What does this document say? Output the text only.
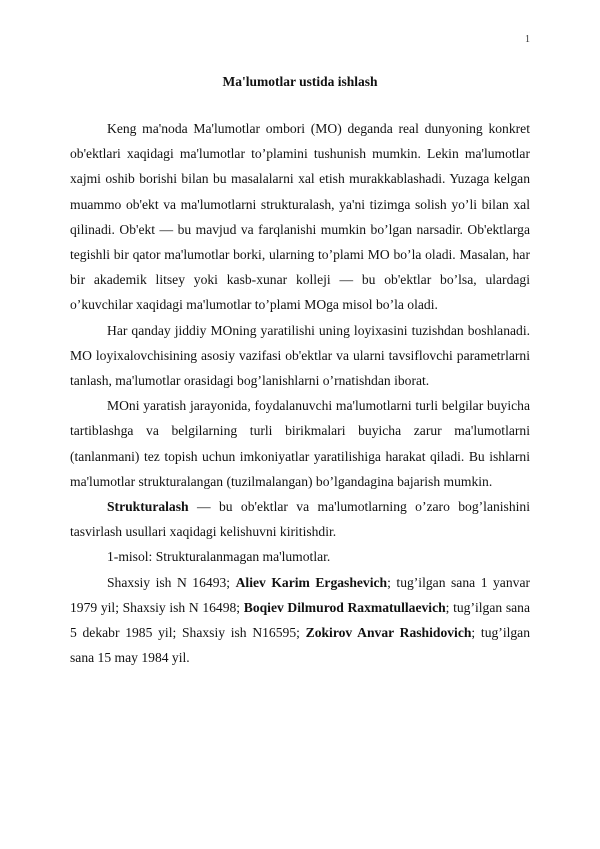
1
Ma'lumotlar ustida ishlash

Keng ma'noda Ma'lumotlar ombori (MO) deganda real dunyoning konkret ob'ektlari xaqidagi ma'lumotlar to’plamini tushunish mumkin. Lekin ma'lumotlar xajmi oshib borishi bilan bu masalalarni xal etish murakkablashadi. Yuzaga kelgan muammo ob'ekt va ma'lumotlarni strukturalash, ya'ni tizimga solish yo’li bilan xal qilinadi. Ob'ekt — bu mavjud va farqlanishi mumkin bo’lgan narsadir. Ob'ektlarga tegishli bir qator ma'lumotlar borki, ularning to’plami MO bo’la oladi. Masalan, har bir akademik litsey yoki kasb-xunar kolleji — bu ob'ektlar bo’lsa, ulardagi o’kuvchilar xaqidagi ma'lumotlar to’plami MOga misol bo’la oladi.

Har qanday jiddiy MOning yaratilishi uning loyixasini tuzishdan boshlanadi. MO loyixalovchisining asosiy vazifasi ob'ektlar va ularni tavsiflovchi parametrlarni tanlash, ma'lumotlar orasidagi bog’lanishlarni o’rnatishdan iborat.

MOni yaratish jarayonida, foydalanuvchi ma'lumotlarni turli belgilar buyicha tartiblashga va belgilarning turli birikmalari buyicha zarur ma'lumotlarni (tanlanmani) tez topish uchun imkoniyatlar yaratilishiga harakat qiladi. Bu ishlarni ma'lumotlar strukturalangan (tuzilmalangan) bo’lgandagina bajarish mumkin.

Strukturalash — bu ob'ektlar va ma'lumotlarning o’zaro bog’lanishini tasvirlash usullari xaqidagi kelishuvni kiritishdir.

1-misol: Strukturalanmagan ma'lumotlar.

Shaxsiy ish N 16493; Aliev Karim Ergashevich; tug’ilgan sana 1 yanvar 1979 yil; Shaxsiy ish N 16498; Boqiev Dilmurod Raxmatullaevich; tug’ilgan sana 5 dekabr 1985 yil; Shaxsiy ish N16595; Zokirov Anvar Rashidovich; tug’ilgan sana 15 may 1984 yil.
